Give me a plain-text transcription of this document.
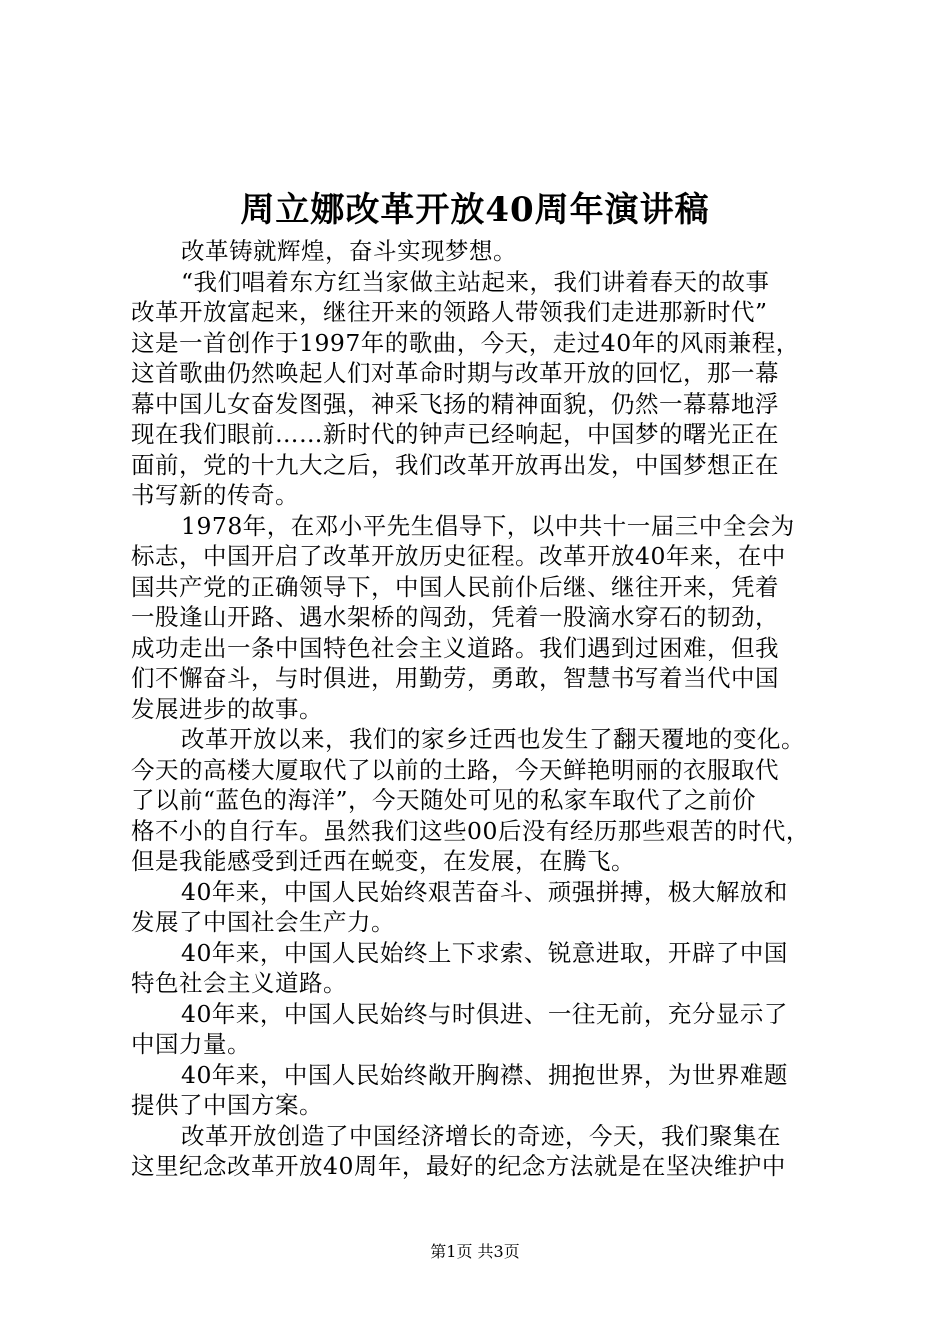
周立娜改革开放40周年演讲稿
改革铸就辉煌，奋斗实现梦想。
“我们唱着东方红当家做主站起来，我们讲着春天的故事
改革开放富起来，继往开来的领路人带领我们走进那新时代”
这是一首创作于1997年的歌曲，今天，走过40年的风雨兼程，
这首歌曲仍然唤起人们对革命时期与改革开放的回忆，那一幕
幕中国儿女奋发图强，神采飞扬的精神面貌，仍然一幕幕地浮
现在我们眼前……新时代的钟声已经响起，中国梦的曙光正在
面前，党的十九大之后，我们改革开放再出发，中国梦想正在
书写新的传奇。
1978年，在邓小平先生倡导下，以中共十一届三中全会为
标志，中国开启了改革开放历史征程。改革开放40年来，在中
国共产党的正确领导下，中国人民前仆后继、继往开来，凭着
一股逢山开路、遇水架桥的闯劲，凭着一股滴水穿石的韧劲，
成功走出一条中国特色社会主义道路。我们遇到过困难，但我
们不懈奋斗，与时俱进，用勤劳，勇敢，智慧书写着当代中国
发展进步的故事。
改革开放以来，我们的家乡迁西也发生了翻天覆地的变化。
今天的高楼大厦取代了以前的土路，今天鲜艳明丽的衣服取代
了以前“蓝色的海洋”，今天随处可见的私家车取代了之前价
格不小的自行车。虽然我们这些00后没有经历那些艰苦的时代，
但是我能感受到迁西在蜕变，在发展，在腾飞。
40年来，中国人民始终艰苦奋斗、顽强拼搏，极大解放和
发展了中国社会生产力。
40年来，中国人民始终上下求索、锐意进取，开辟了中国
特色社会主义道路。
40年来，中国人民始终与时俱进、一往无前，充分显示了
中国力量。
40年来，中国人民始终敞开胸襟、拥抱世界，为世界难题
提供了中国方案。
改革开放创造了中国经济增长的奇迹，今天，我们聚集在
这里纪念改革开放40周年，最好的纪念方法就是在坚决维护中
第1页 共3页
